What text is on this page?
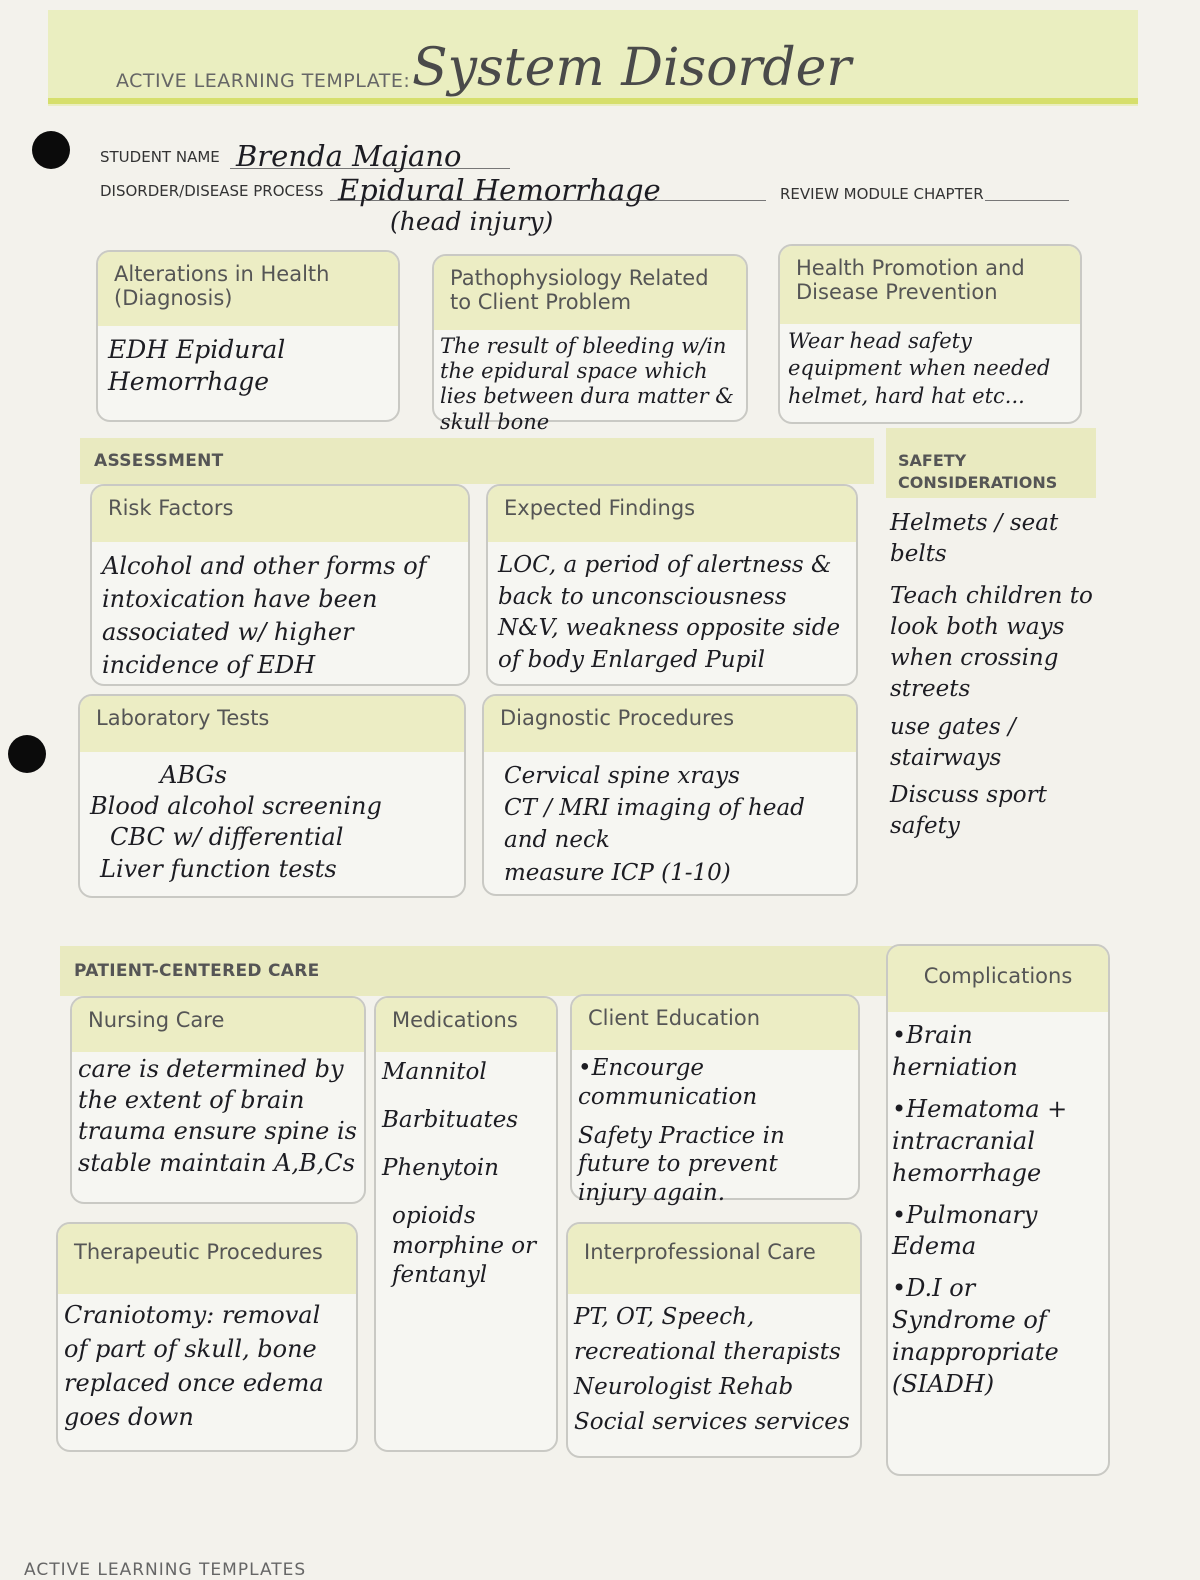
ACTIVE LEARNING TEMPLATE: System Disorder
STUDENT NAME Brenda Majano
DISORDER/DISEASE PROCESS Epidural Hemorrhage
(head injury)
REVIEW MODULE CHAPTER
Alterations in Health (Diagnosis)
EDH Epidural Hemorrhage
Pathophysiology Related to Client Problem
The result of bleeding w/in the epidural space which lies between dura matter & skull bone
Health Promotion and Disease Prevention
Wear head safety equipment when needed helmet, hard hat etc...
ASSESSMENT
Risk Factors
Alcohol and other forms of intoxication have been associated w/ higher incidence of EDH
Expected Findings
LOC, a period of alertness & back to unconsciousness N&V, weakness opposite side of body Enlarged Pupil
Laboratory Tests
ABGs
Blood alcohol screening
CBC w/ differential
Liver function tests
Diagnostic Procedures
Cervical spine xrays
CT / MRI imaging of head and neck
measure ICP (1-10)
SAFETY CONSIDERATIONS
Helmets / seat belts
Teach children to look both ways when crossing streets
use gates / stairways
Discuss sport safety
PATIENT-CENTERED CARE
Nursing Care
care is determined by the extent of brain trauma ensure spine is stable maintain A,B,Cs
Medications
Mannitol
Barbituates
Phenytoin
opioids morphine or fentanyl
Client Education
•Encourge communication
Safety Practice in future to prevent injury again.
Therapeutic Procedures
Craniotomy: removal of part of skull, bone replaced once edema goes down
Interprofessional Care
PT, OT, Speech, recreational therapists Neurologist Rehab Social services services
Complications
•Brain herniation
•Hematoma + intracranial hemorrhage
•Pulmonary Edema
•D.I or Syndrome of inappropriate (SIADH)
ACTIVE LEARNING TEMPLATES
